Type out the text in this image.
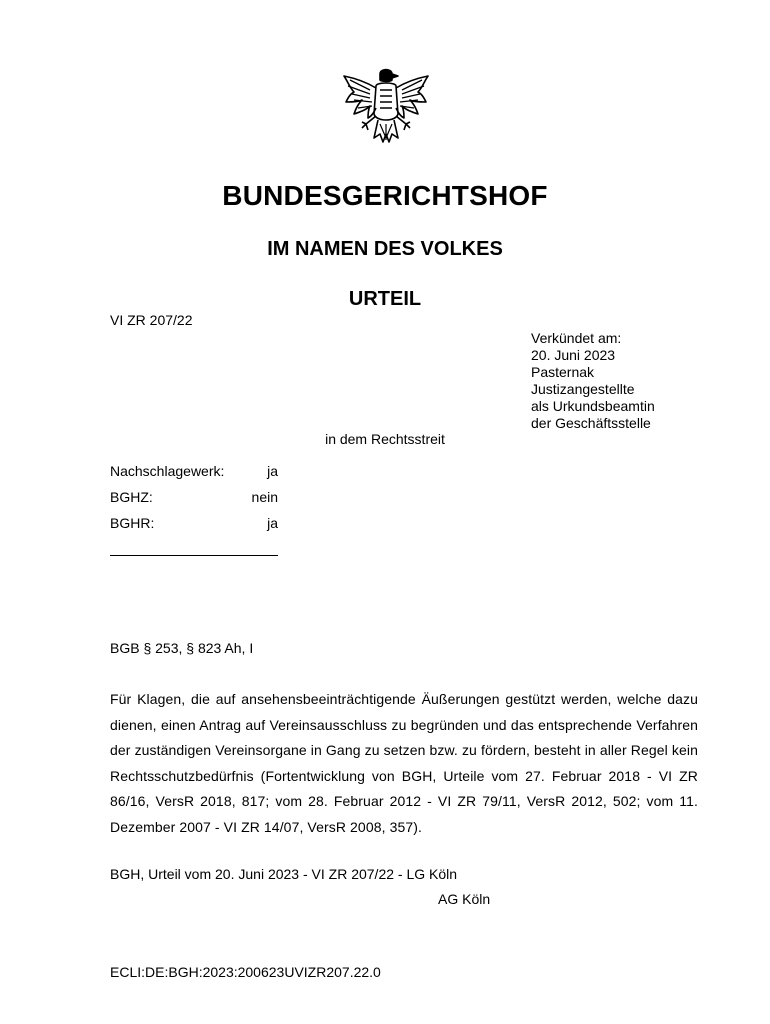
BUNDESGERICHTSHOF
IM NAMEN DES VOLKES
URTEIL
VI ZR 207/22
Verkündet am:
20. Juni 2023
Pasternak
Justizangestellte
als Urkundsbeamtin
der Geschäftsstelle
in dem Rechtsstreit
Nachschlagewerk:	ja
BGHZ:	nein
BGHR:	ja
BGB § 253, § 823 Ah, I
Für Klagen, die auf ansehensbeeinträchtigende Äußerungen gestützt werden, welche dazu dienen, einen Antrag auf Vereinsausschluss zu begründen und das entsprechende Verfahren der zuständigen Vereinsorgane in Gang zu setzen bzw. zu fördern, besteht in aller Regel kein Rechtsschutzbedürfnis (Fortentwicklung von BGH, Urteile vom 27. Februar 2018 - VI ZR 86/16, VersR 2018, 817; vom 28. Februar 2012 - VI ZR 79/11, VersR 2012, 502; vom 11. Dezember 2007 - VI ZR 14/07, VersR 2008, 357).
BGH, Urteil vom 20. Juni 2023 - VI ZR 207/22 - LG Köln
AG Köln
ECLI:DE:BGH:2023:200623UVIZR207.22.0
